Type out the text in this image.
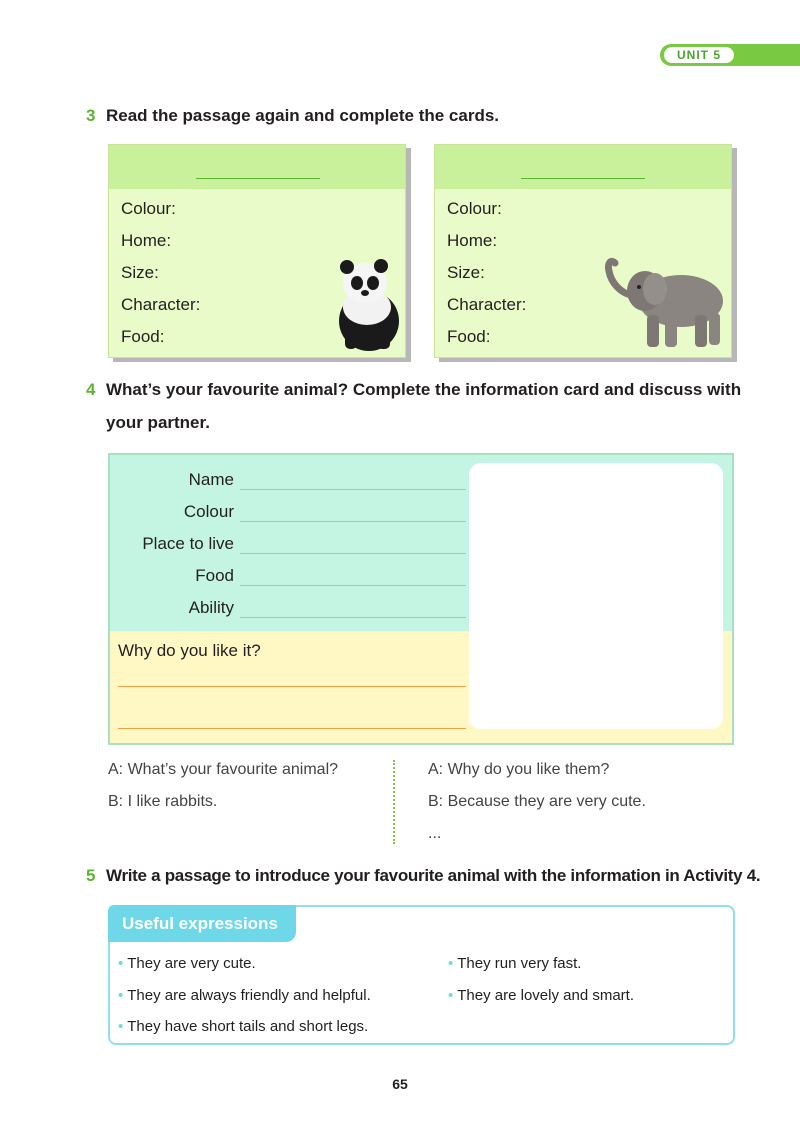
UNIT 5
3 Read the passage again and complete the cards.
Colour:
Home:
Size:
Character:
Food:
Colour:
Home:
Size:
Character:
Food:
4 What’s your favourite animal? Complete the information card and discuss with
your partner.
Name
Colour
Place to live
Food
Ability
Why do you like it?
A: What’s your favourite animal?
B: I like rabbits.
A: Why do you like them?
B: Because they are very cute.
...
5 Write a passage to introduce your favourite animal with the information in Activity 4.
Useful expressions
• They are very cute.
• They are always friendly and helpful.
• They have short tails and short legs.
• They run very fast.
• They are lovely and smart.
65
